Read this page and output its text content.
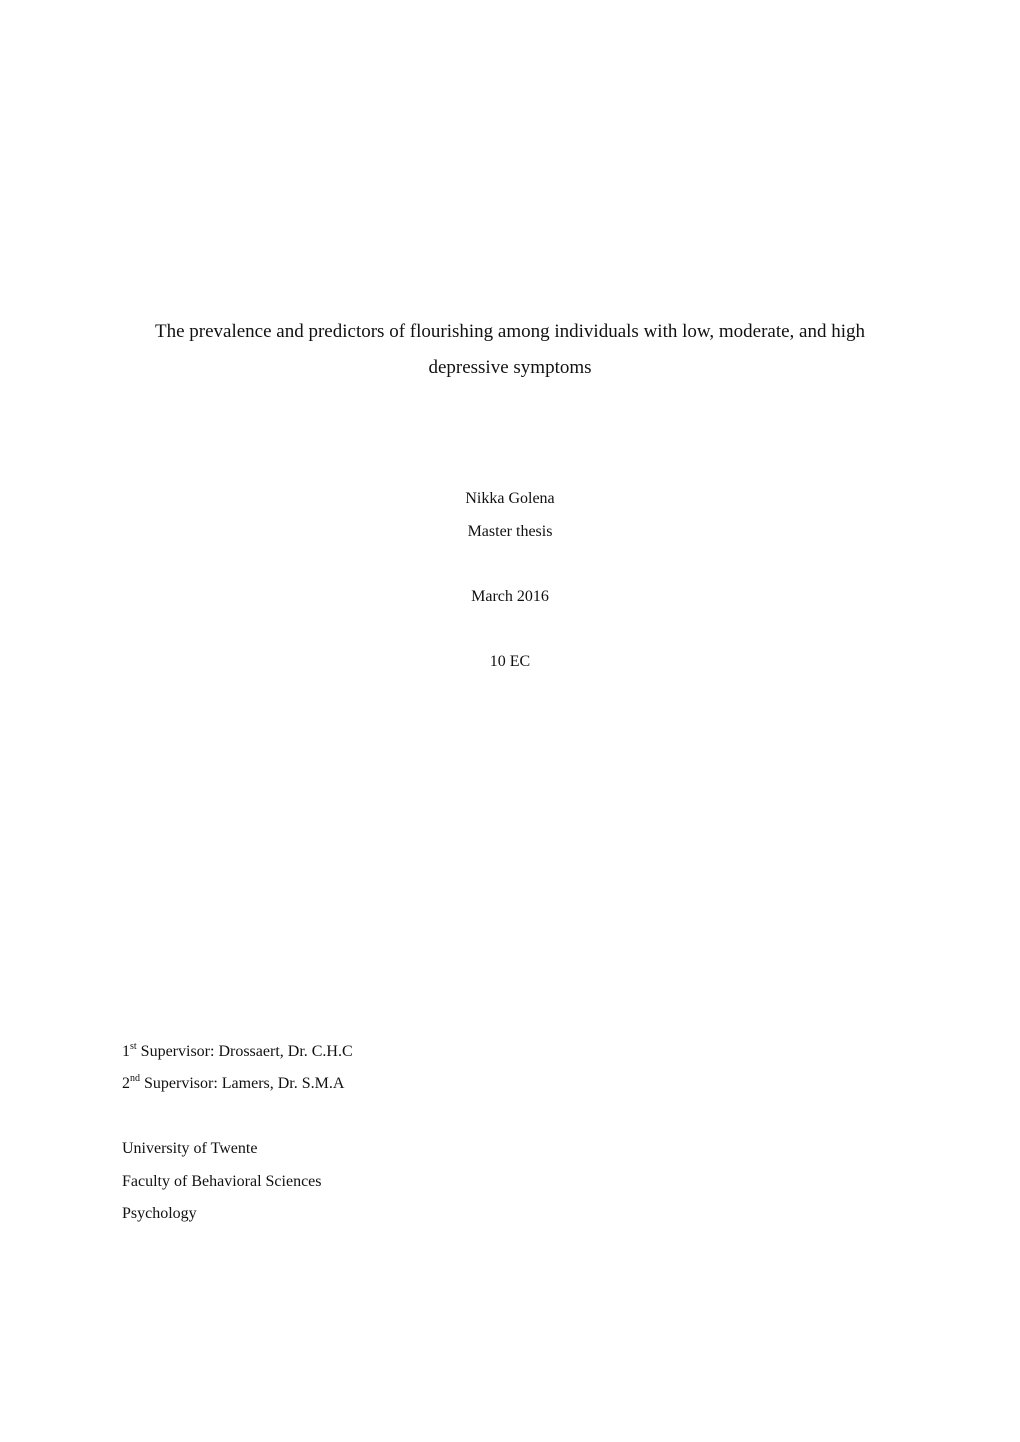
The prevalence and predictors of flourishing among individuals with low, moderate, and high
depressive symptoms

Nikka Golena

Master thesis

March 2016

10 EC

1st Supervisor: Drossaert, Dr. C.H.C

2nd Supervisor: Lamers, Dr. S.M.A

University of Twente

Faculty of Behavioral Sciences

Psychology
